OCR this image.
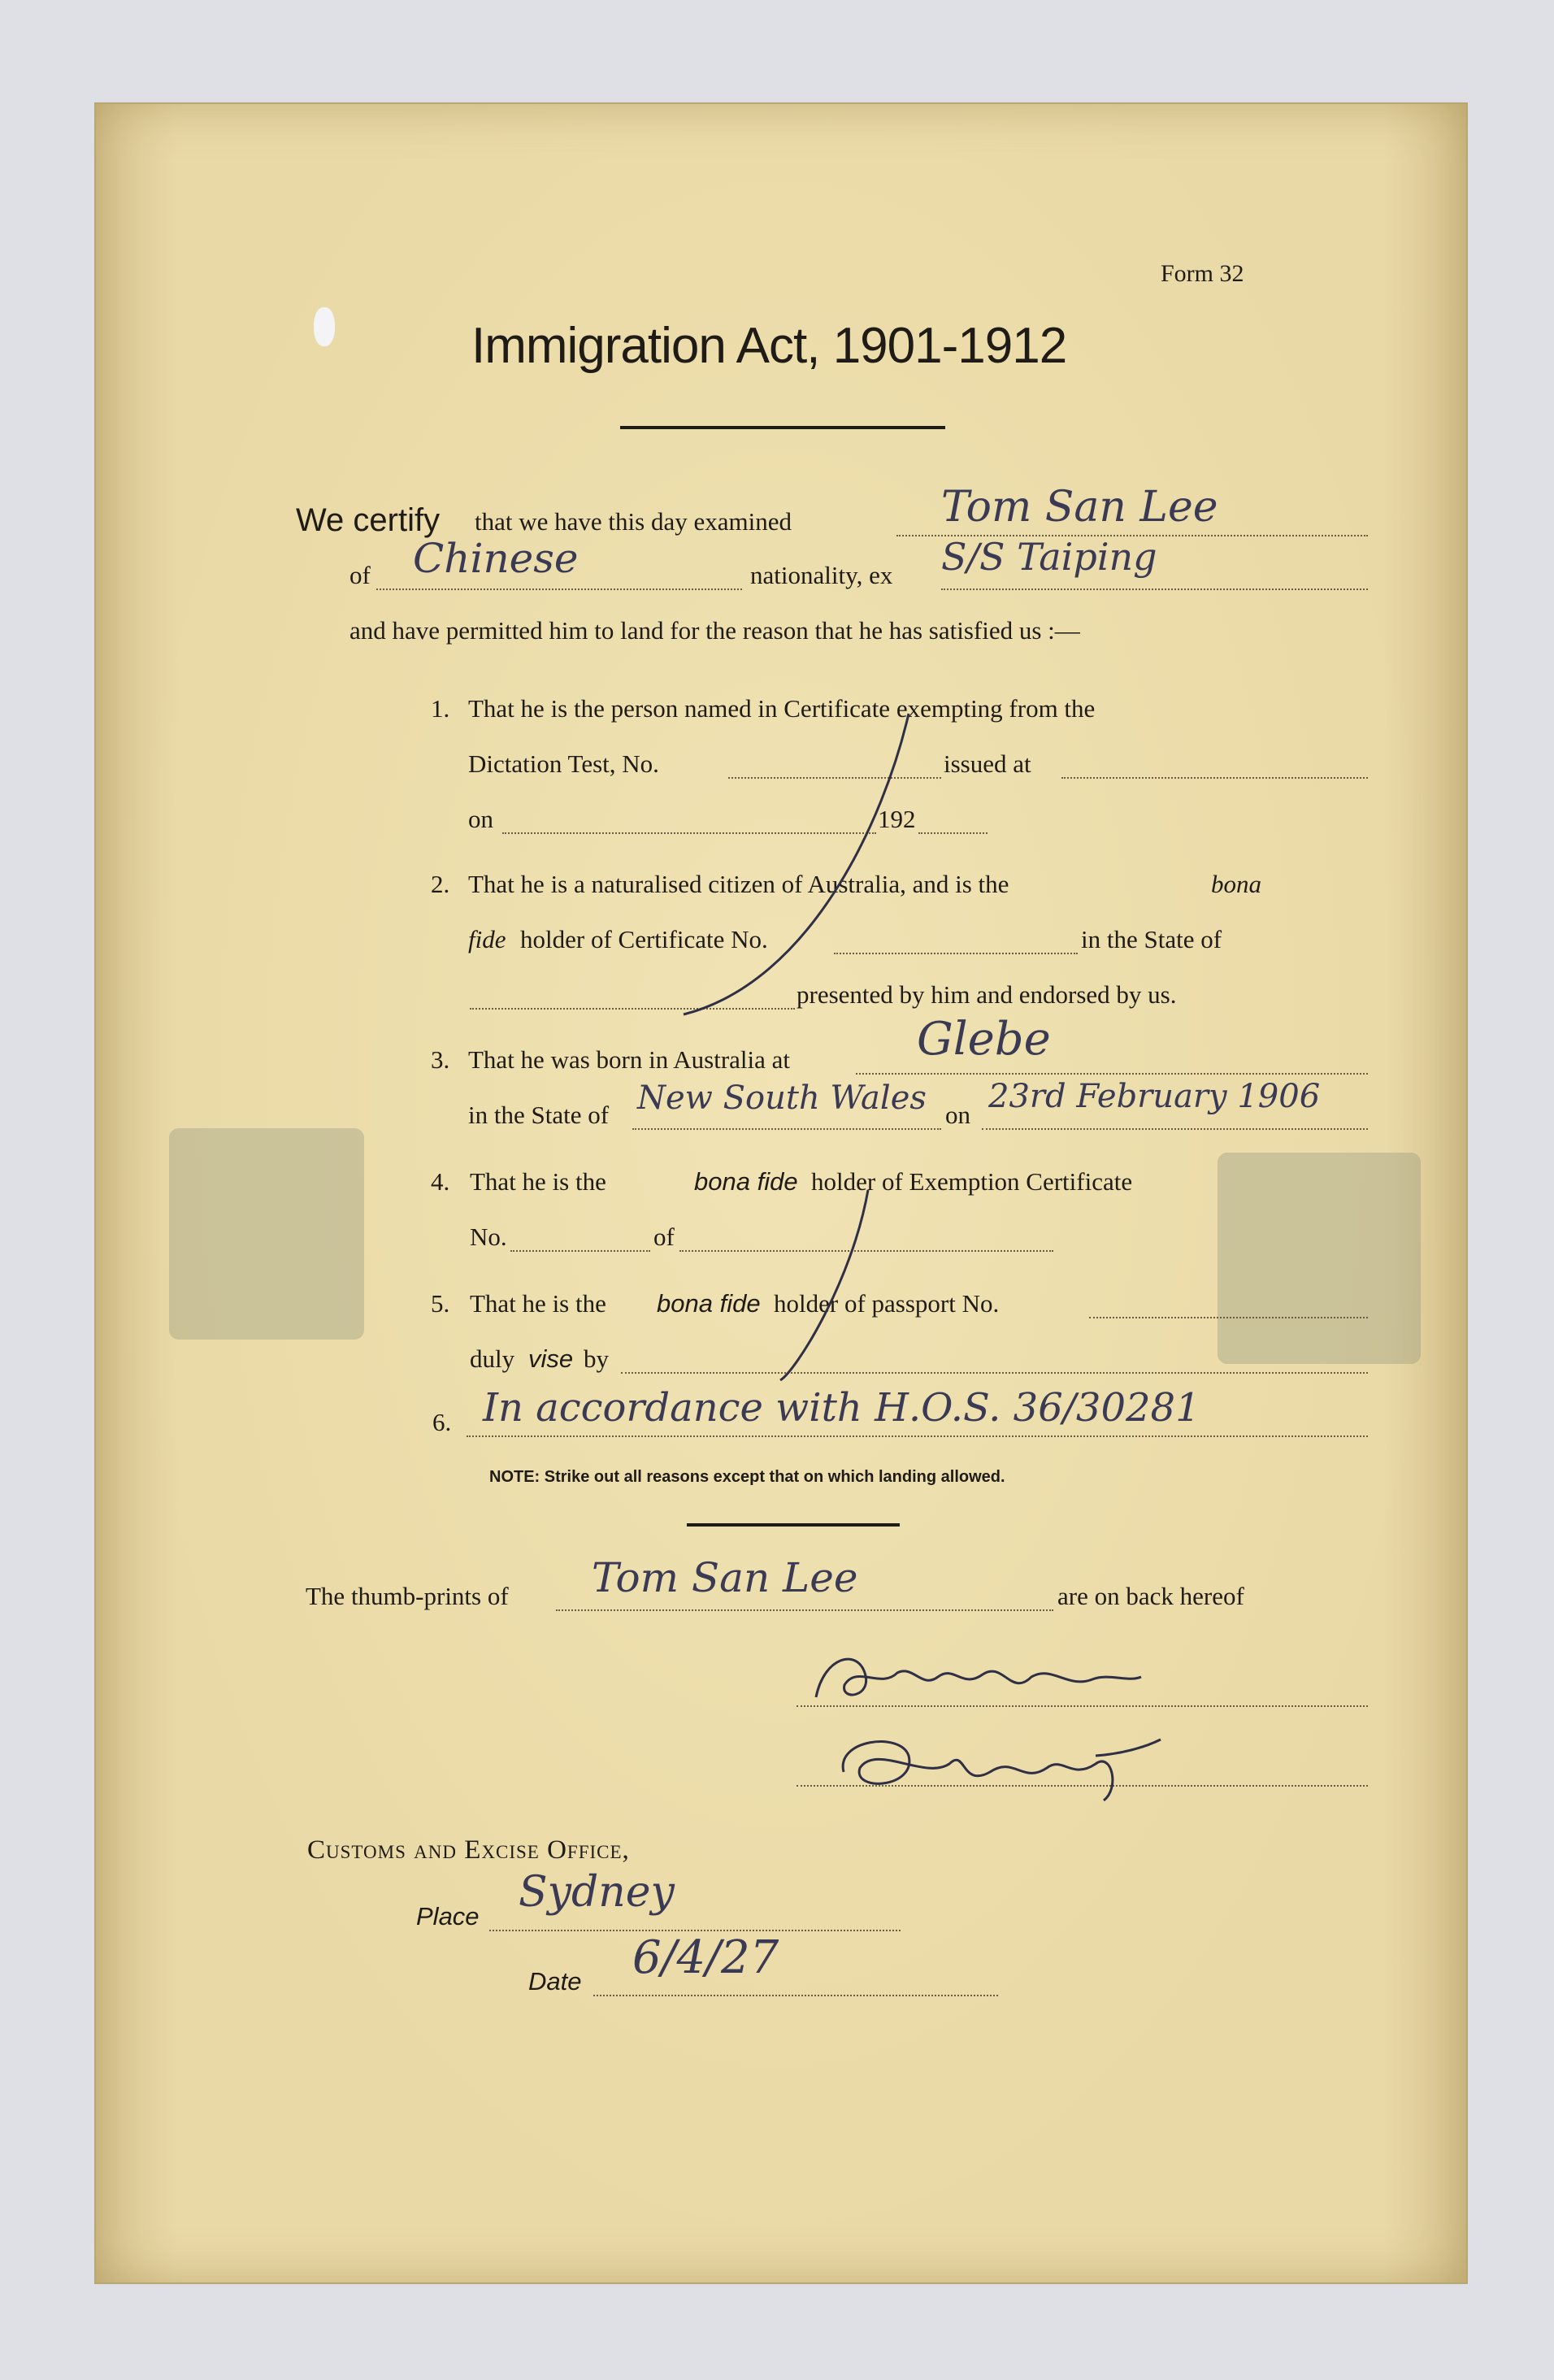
Form 32
Immigration Act, 1901-1912
We certify that we have this day examined	Tom San Lee
of Chinese	nationality, ex S/S Taiping
and have permitted him to land for the reason that he has satisfied us :—
1. That he is the person named in Certificate exempting from the
Dictation Test, No.	issued at
on	192
2. That he is a naturalised citizen of Australia, and is the	bona
fide holder of Certificate No.	in the State of
presented by him and endorsed by us.
3. That he was born in Australia at	Glebe
in the State of New South Wales on 23rd February 1906
4. That he is the	bona fide holder of Exemption Certificate
No.	of
5. That he is the bona fide holder of passport No.
duly vise by
6. In accordance with H.O.S. 36/30281
NOTE: Strike out all reasons except that on which landing allowed.
The thumb-prints of Tom San Lee	are on back hereof
Customs and Excise Office,
Place Sydney
Date 6/4/27
